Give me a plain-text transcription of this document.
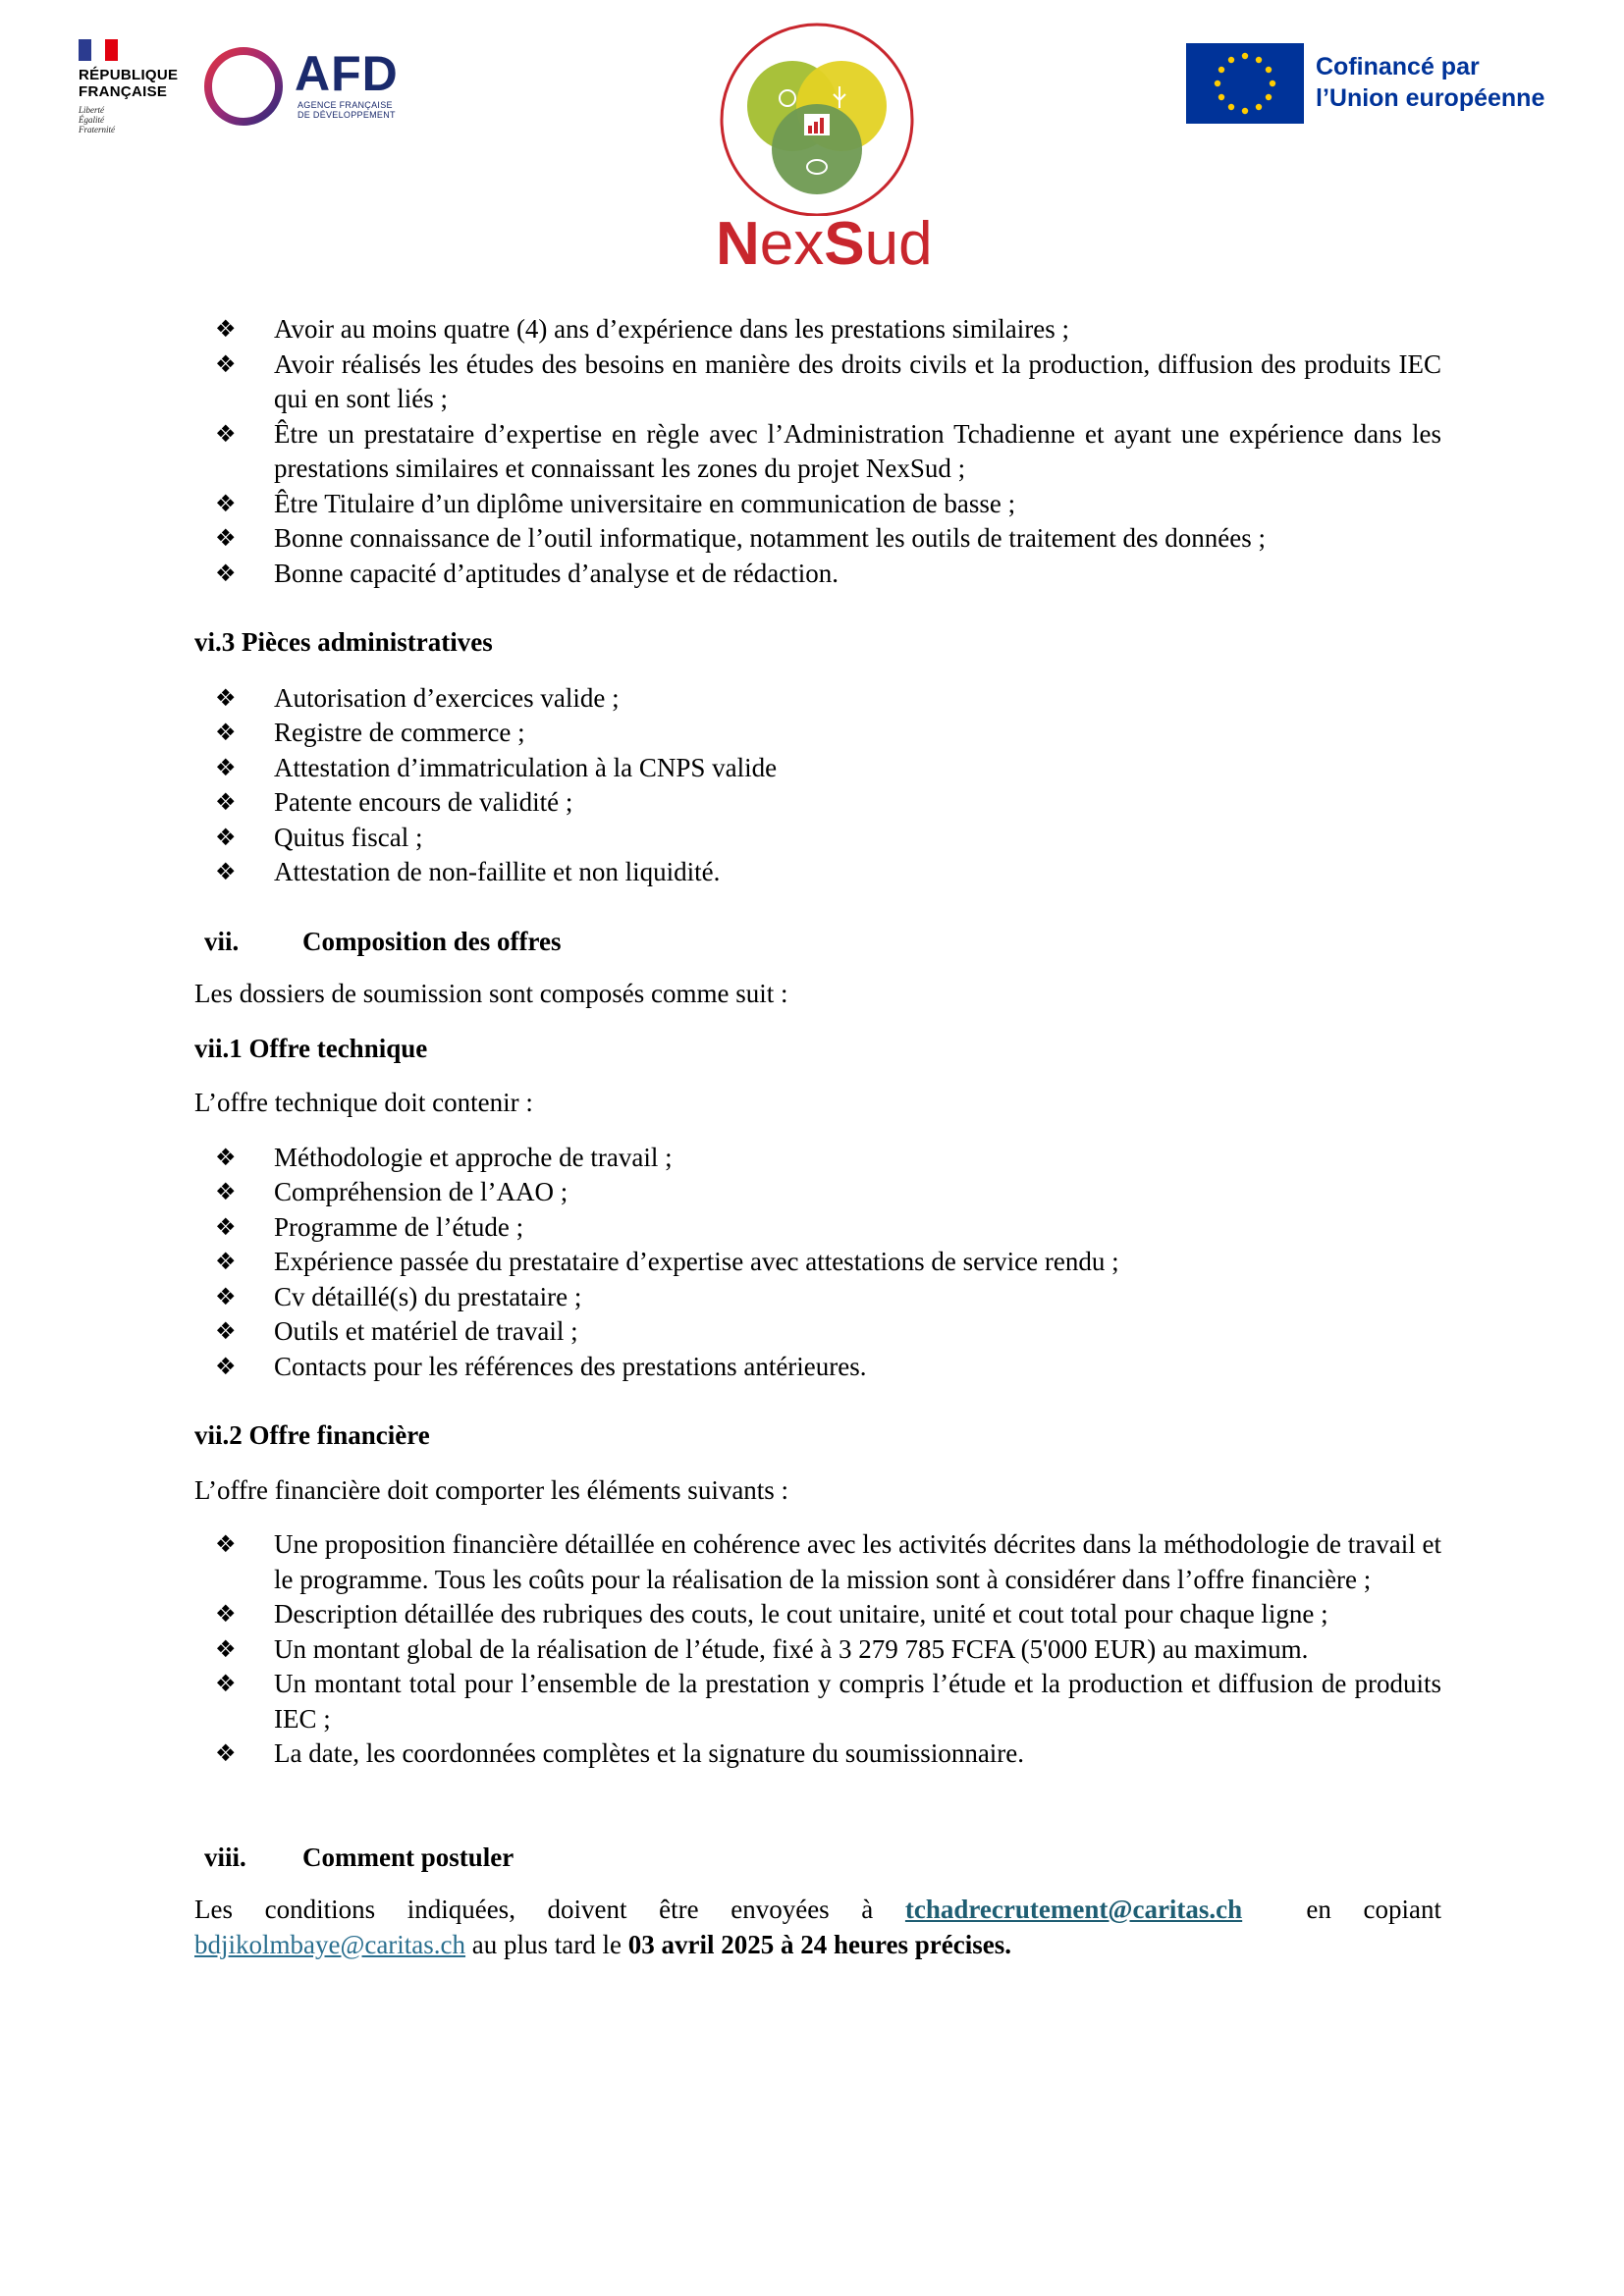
RÉPUBLIQUE
FRANÇAISE
Liberté
Égalité
Fraternité
AFD
AGENCE FRANÇAISE
DE DÉVELOPPEMENT
NexSud
Cofinancé par
l’Union européenne
❖ Avoir au moins quatre (4) ans d’expérience dans les prestations similaires ;
❖ Avoir réalisés les études des besoins en manière des droits civils et la production, diffusion des produits IEC qui en sont liés ;
❖ Être un prestataire d’expertise en règle avec l’Administration Tchadienne et ayant une expérience dans les prestations similaires et connaissant les zones du projet NexSud ;
❖ Être Titulaire d’un diplôme universitaire en communication de basse ;
❖ Bonne connaissance de l’outil informatique, notamment les outils de traitement des données ;
❖ Bonne capacité d’aptitudes d’analyse et de rédaction.

vi.3 Pièces administratives

❖ Autorisation d’exercices valide ;
❖ Registre de commerce ;
❖ Attestation d’immatriculation à la CNPS valide
❖ Patente encours de validité ;
❖ Quitus fiscal ;
❖ Attestation de non-faillite et non liquidité.
vii.	Composition des offres

Les dossiers de soumission sont composés comme suit :

vii.1 Offre technique

L’offre technique doit contenir :

❖ Méthodologie et approche de travail ;
❖ Compréhension de l’AAO ;
❖ Programme de l’étude ;
❖ Expérience passée du prestataire d’expertise avec attestations de service rendu ;
❖ Cv détaillé(s) du prestataire ;
❖ Outils et matériel de travail ;
❖ Contacts pour les références des prestations antérieures.

vii.2 Offre financière

L’offre financière doit comporter les éléments suivants :

❖ Une proposition financière détaillée en cohérence avec les activités décrites dans la méthodologie de travail et le programme. Tous les coûts pour la réalisation de la mission sont à considérer dans l’offre financière ;
❖ Description détaillée des rubriques des couts, le cout unitaire, unité et cout total pour chaque ligne ;
❖ Un montant global de la réalisation de l’étude, fixé à 3 279 785 FCFA (5'000 EUR) au maximum.
❖ Un montant total pour l’ensemble de la prestation y compris l’étude et la production et diffusion de produits IEC ;
❖ La date, les coordonnées complètes et la signature du soumissionnaire.
viii.	Comment postuler

Les conditions indiquées, doivent être envoyées à tchadrecrutement@caritas.ch  en copiant bdjikolmbaye@caritas.ch au plus tard le 03 avril 2025 à 24 heures précises.
